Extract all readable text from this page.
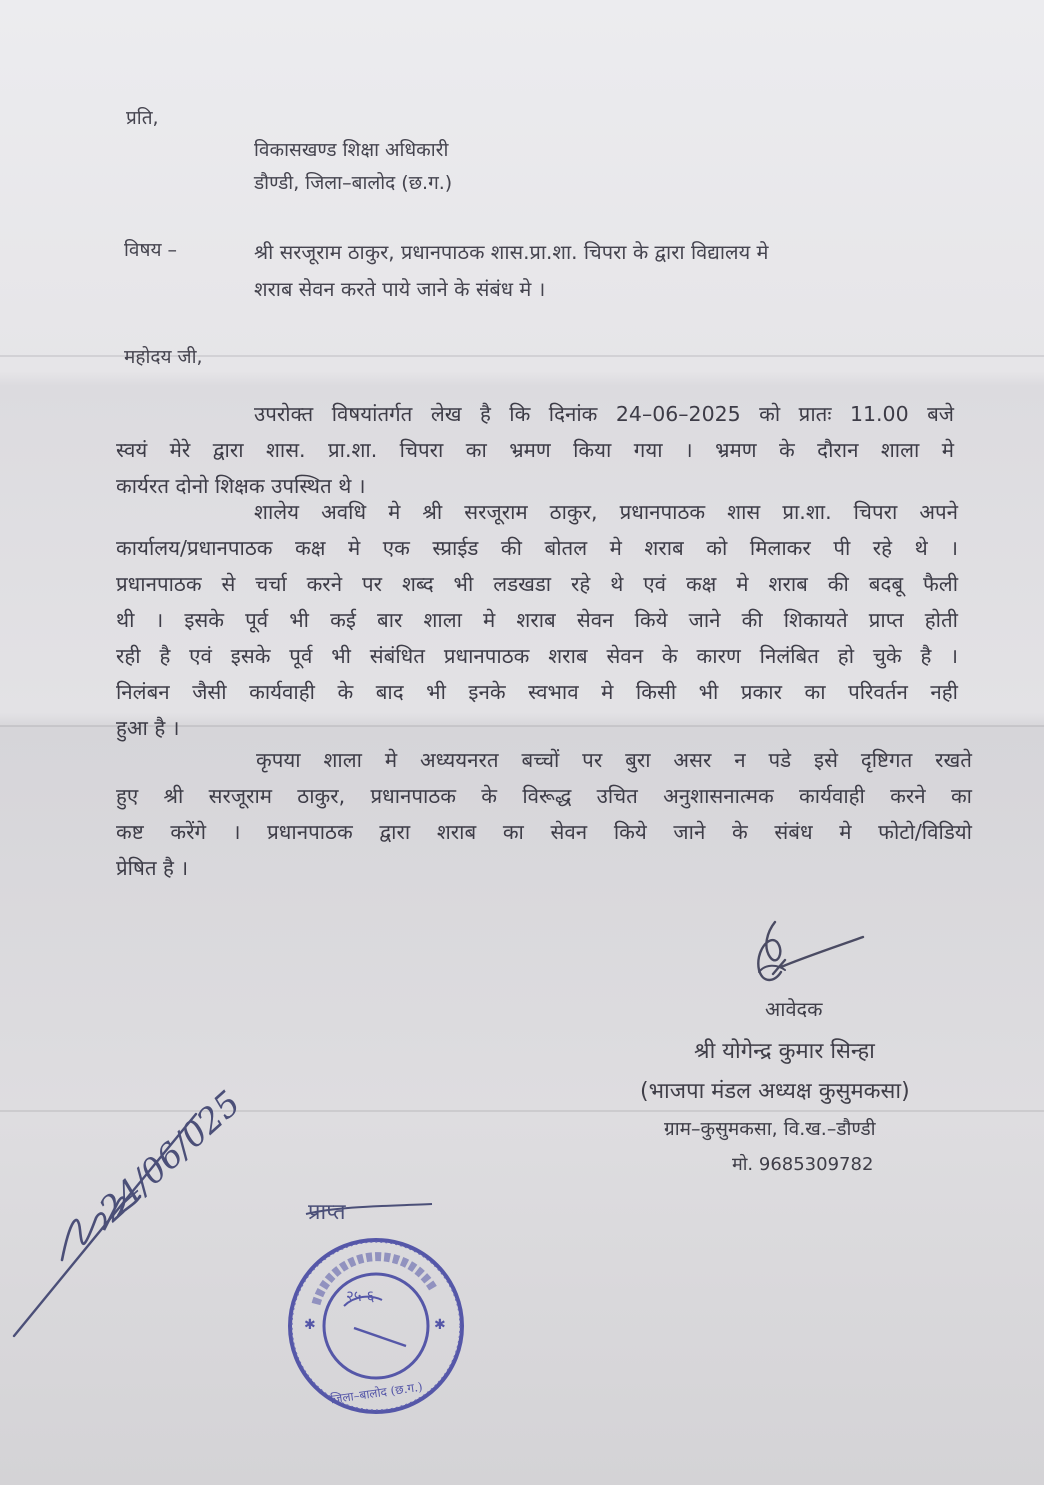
प्रति,
विकासखण्ड शिक्षा अधिकारी
डौण्डी, जिला–बालोद (छ.ग.)
विषय –	श्री सरजूराम ठाकुर, प्रधानपाठक शास.प्रा.शा. चिपरा के द्वारा विद्यालय मे
शराब सेवन करते पाये जाने के संबंध मे ।
महोदय जी,
उपरोक्त विषयांतर्गत लेख है कि दिनांक 24–06–2025 को प्रातः 11.00 बजे
स्वयं मेरे द्वारा शास. प्रा.शा. चिपरा का भ्रमण किया गया । भ्रमण के दौरान शाला मे
कार्यरत दोनो शिक्षक उपस्थित थे ।
शालेय अवधि मे श्री सरजूराम ठाकुर, प्रधानपाठक शास प्रा.शा. चिपरा अपने
कार्यालय/प्रधानपाठक कक्ष मे एक स्प्राईड की बोतल मे शराब को मिलाकर पी रहे थे ।
प्रधानपाठक से चर्चा करने पर शब्द भी लडखडा रहे थे एवं कक्ष मे शराब की बदबू फैली
थी । इसके पूर्व भी कई बार शाला मे शराब सेवन किये जाने की शिकायते प्राप्त होती
रही है एवं इसके पूर्व भी संबंधित प्रधानपाठक शराब सेवन के कारण निलंबित हो चुके है ।
निलंबन जैसी कार्यवाही के बाद भी इनके स्वभाव मे किसी भी प्रकार का परिवर्तन नही
हुआ है ।
कृपया शाला मे अध्ययनरत बच्चों पर बुरा असर न पडे इसे दृष्टिगत रखते
हुए श्री सरजूराम ठाकुर, प्रधानपाठक के विरूद्ध उचित अनुशासनात्मक कार्यवाही करने का
कष्ट करेंगे । प्रधानपाठक द्वारा शराब का सेवन किये जाने के संबंध मे फोटो/विडियो
प्रेषित है ।
आवेदक
श्री योगेन्द्र कुमार सिन्हा
(भाजपा मंडल अध्यक्ष कुसुमकसा)
ग्राम–कुसुमकसा, वि.ख.–डौण्डी
मो. 9685309782
24/06/025	प्राप्त
✱	✱
२५-६
जिला–बालोद (छ.ग.)
